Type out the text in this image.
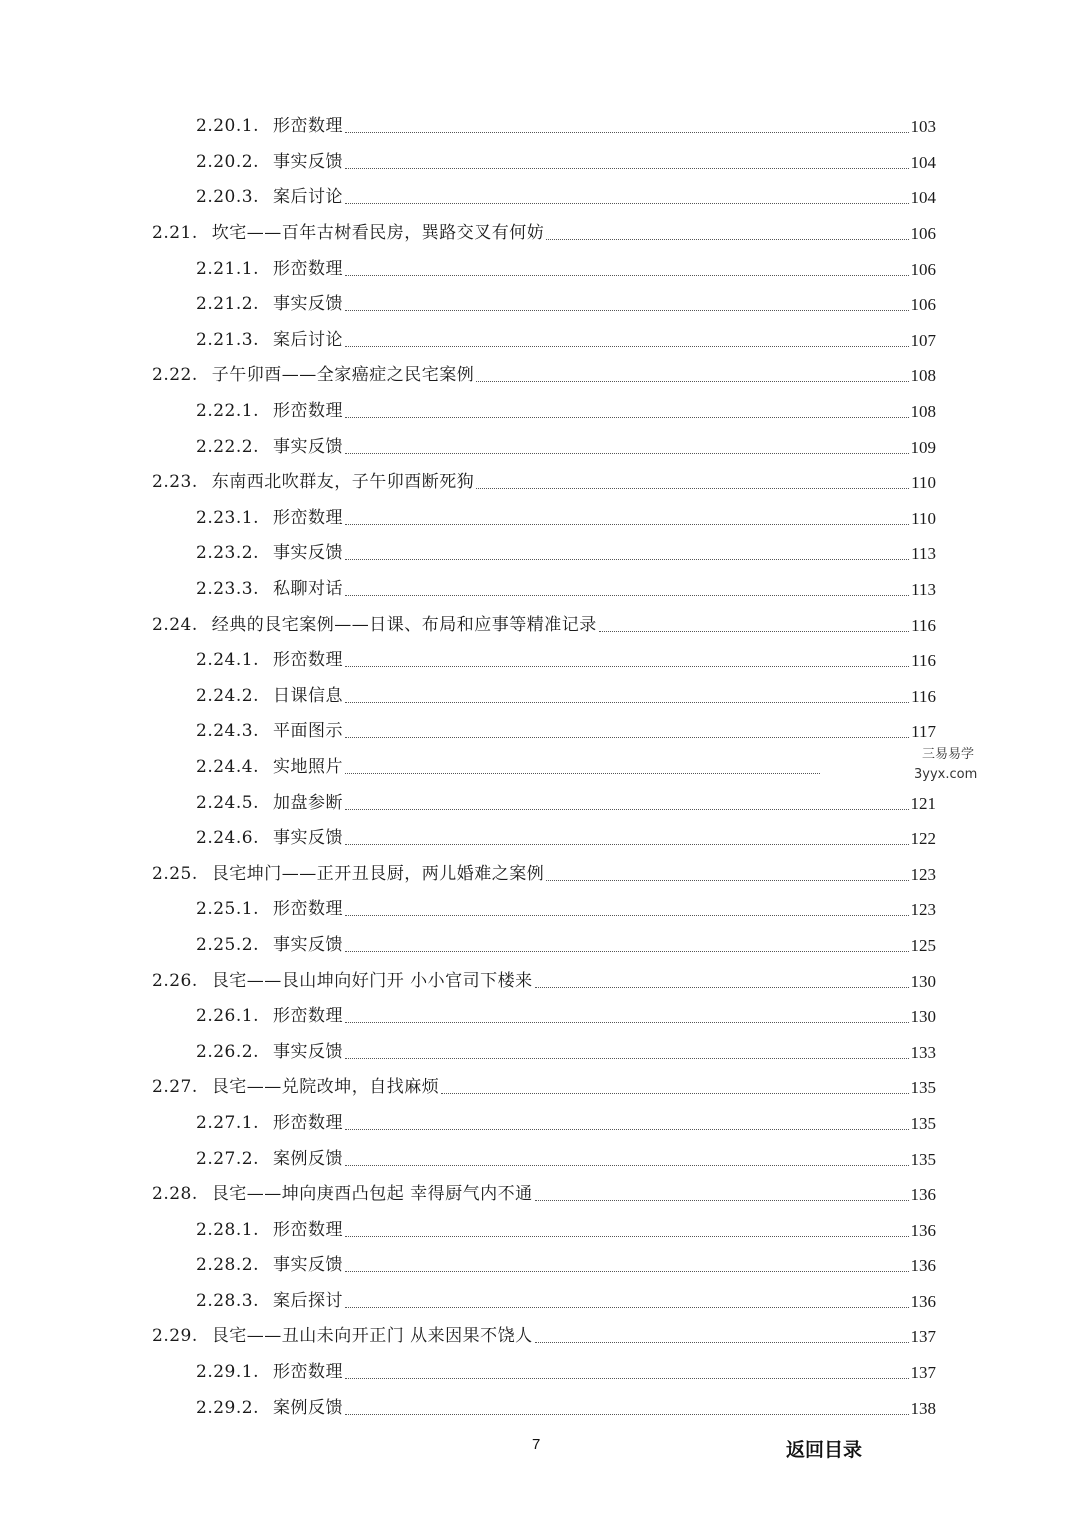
2.20.1. 形峦数理	103
2.20.2. 事实反馈	104
2.20.3. 案后讨论	104
2.21. 坎宅——百年古树看民房，巽路交叉有何妨	106
2.21.1. 形峦数理	106
2.21.2. 事实反馈	106
2.21.3. 案后讨论	107
2.22. 子午卯酉——全家癌症之民宅案例	108
2.22.1. 形峦数理	108
2.22.2. 事实反馈	109
2.23. 东南西北吹群友，子午卯酉断死狗	110
2.23.1. 形峦数理	110
2.23.2. 事实反馈	113
2.23.3. 私聊对话	113
2.24. 经典的艮宅案例——日课、布局和应事等精准记录	116
2.24.1. 形峦数理	116
2.24.2. 日课信息	116
2.24.3. 平面图示	117
2.24.4. 实地照片
2.24.5. 加盘参断	121
2.24.6. 事实反馈	122
2.25. 艮宅坤门——正开丑艮厨，两儿婚难之案例	123
2.25.1. 形峦数理	123
2.25.2. 事实反馈	125
2.26. 艮宅——艮山坤向好门开 小小官司下楼来	130
2.26.1. 形峦数理	130
2.26.2. 事实反馈	133
2.27. 艮宅——兑院改坤，自找麻烦	135
2.27.1. 形峦数理	135
2.27.2. 案例反馈	135
2.28. 艮宅——坤向庚酉凸包起 幸得厨气内不通	136
2.28.1. 形峦数理	136
2.28.2. 事实反馈	136
2.28.3. 案后探讨	136
2.29. 艮宅——丑山未向开正门 从来因果不饶人	137
2.29.1. 形峦数理	137
2.29.2. 案例反馈	138
三易易学
3yyx.com
7	返回目录
